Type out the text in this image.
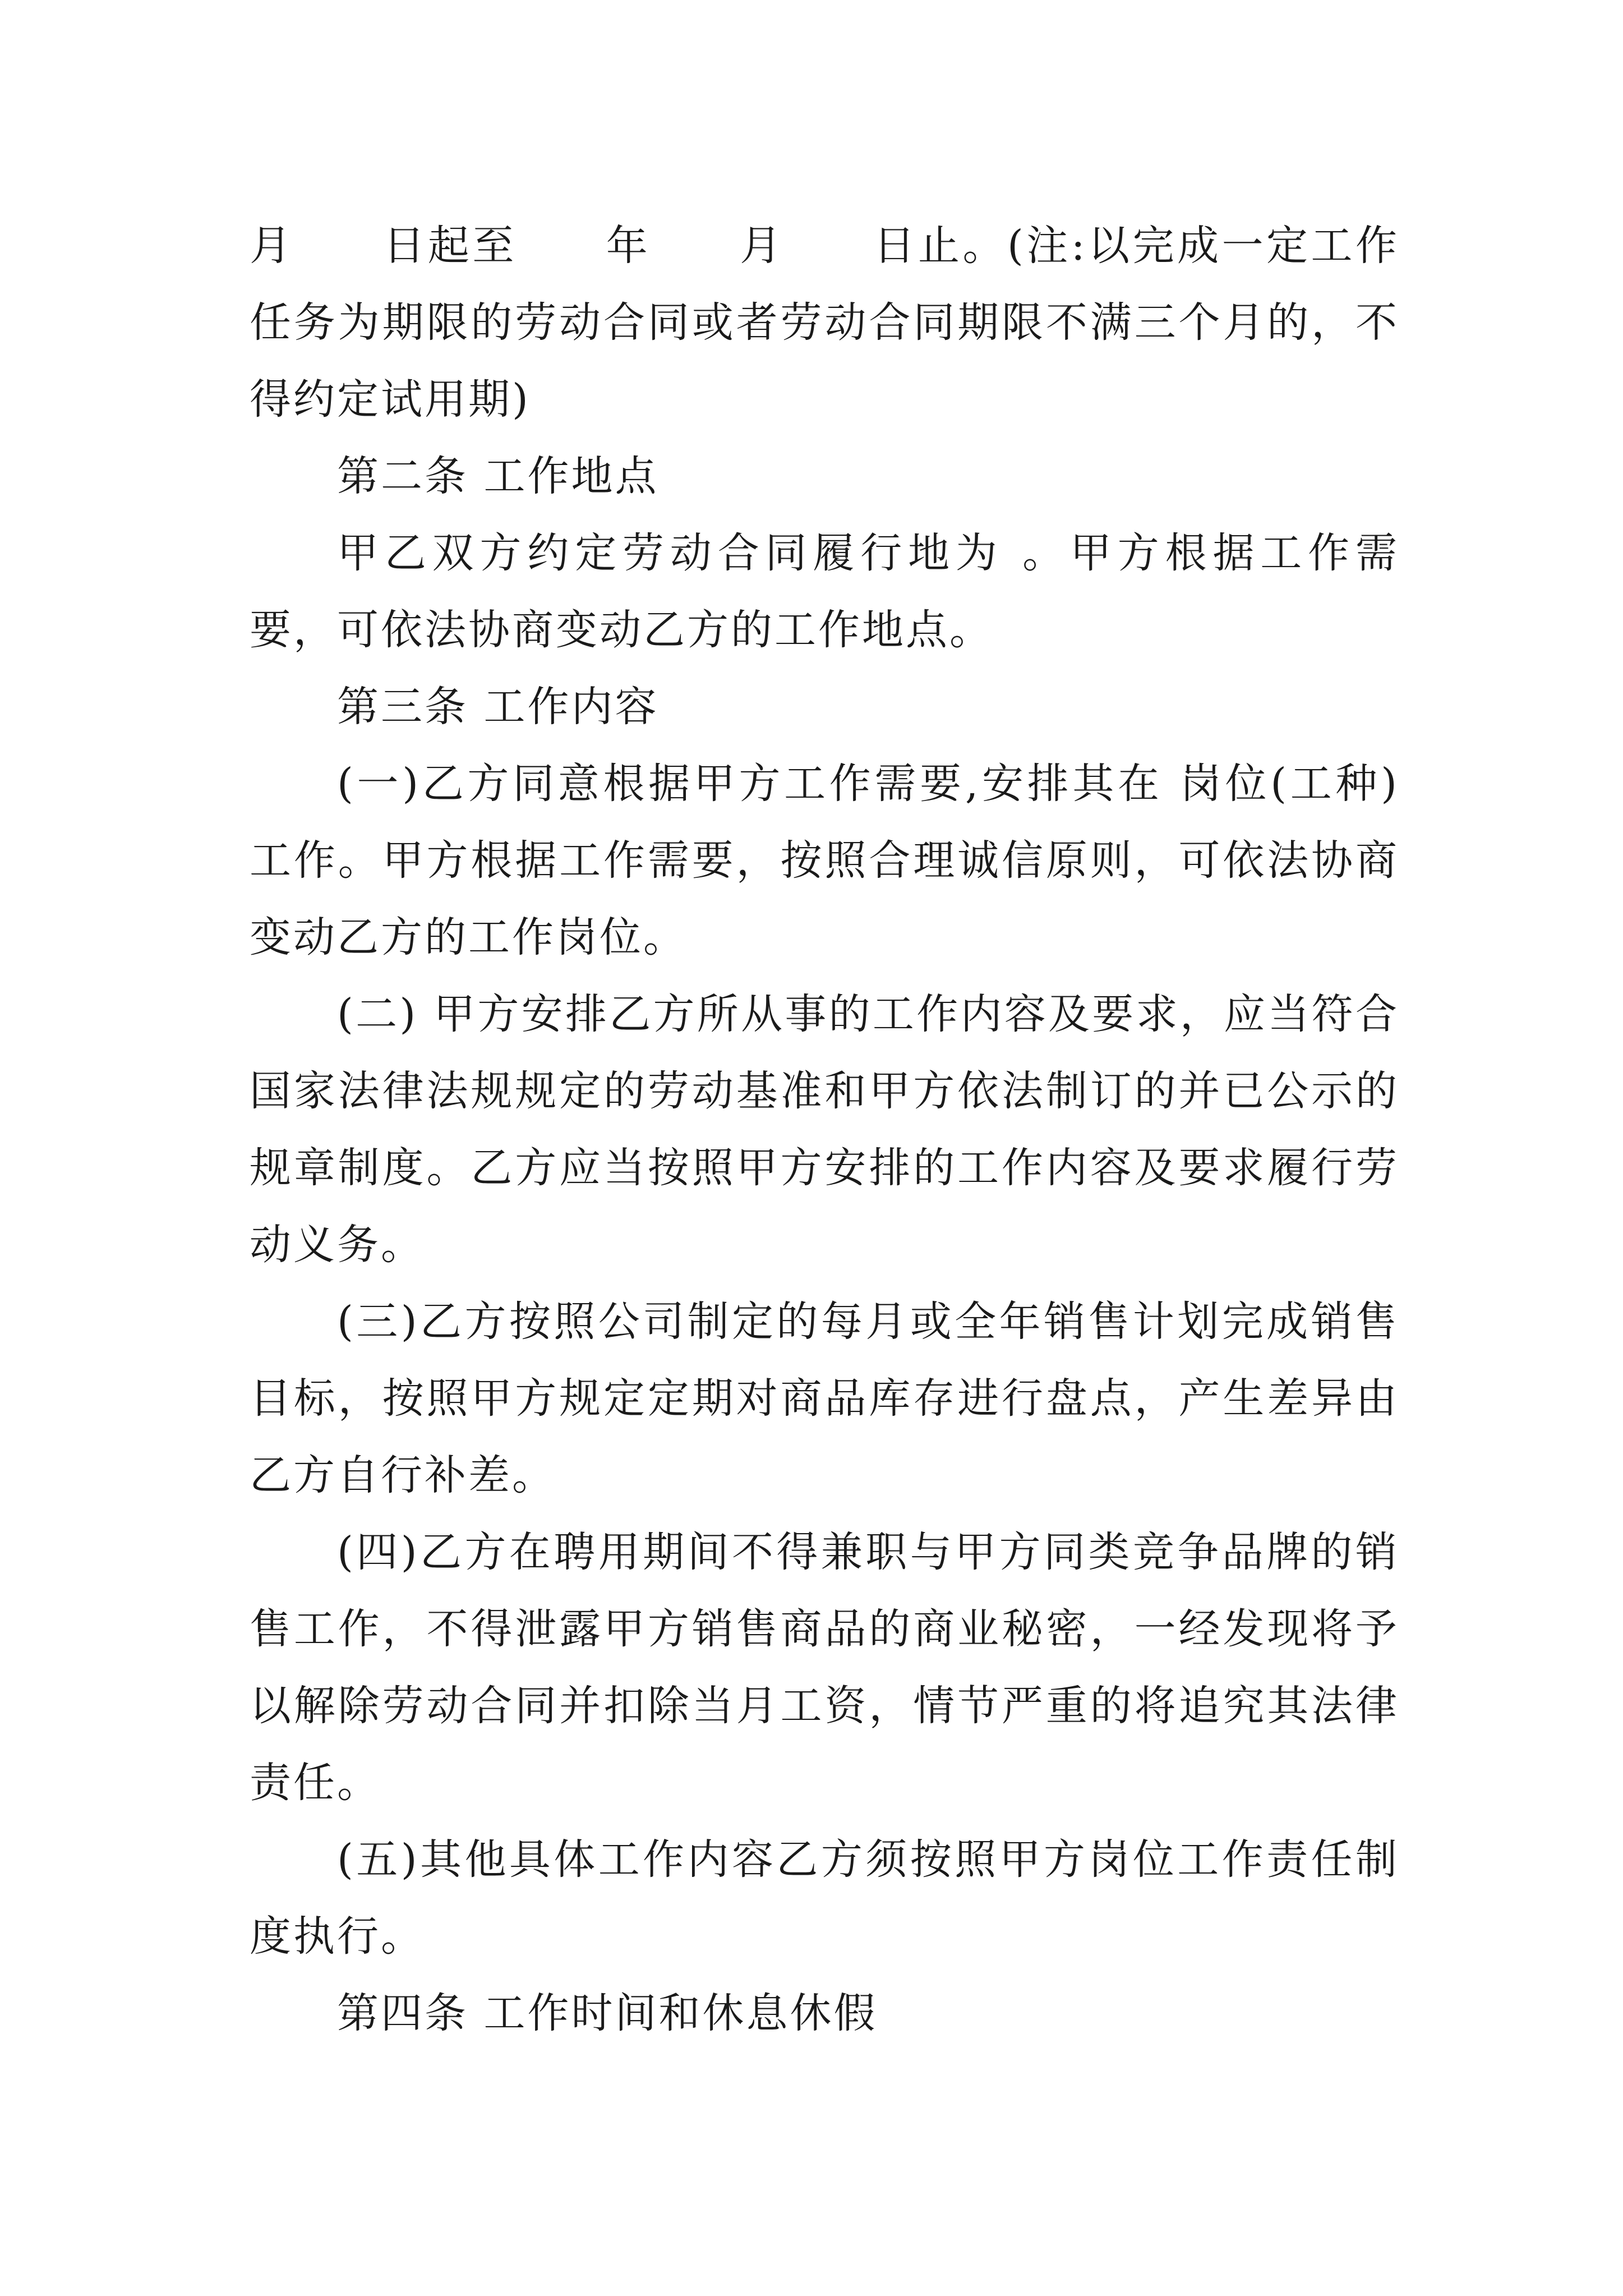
月　　日起至　　年　　月　　日止。(注:以完成一定工作任务为期限的劳动合同或者劳动合同期限不满三个月的，不得约定试用期)

第二条 工作地点

甲乙双方约定劳动合同履行地为 。甲方根据工作需要，可依法协商变动乙方的工作地点。

第三条 工作内容

(一)乙方同意根据甲方工作需要,安排其在 岗位(工种)工作。甲方根据工作需要，按照合理诚信原则，可依法协商变动乙方的工作岗位。

(二) 甲方安排乙方所从事的工作内容及要求，应当符合国家法律法规规定的劳动基准和甲方依法制订的并已公示的规章制度。乙方应当按照甲方安排的工作内容及要求履行劳动义务。

(三)乙方按照公司制定的每月或全年销售计划完成销售目标，按照甲方规定定期对商品库存进行盘点，产生差异由乙方自行补差。

(四)乙方在聘用期间不得兼职与甲方同类竞争品牌的销售工作，不得泄露甲方销售商品的商业秘密，一经发现将予以解除劳动合同并扣除当月工资，情节严重的将追究其法律责任。

(五)其他具体工作内容乙方须按照甲方岗位工作责任制度执行。

第四条 工作时间和休息休假
